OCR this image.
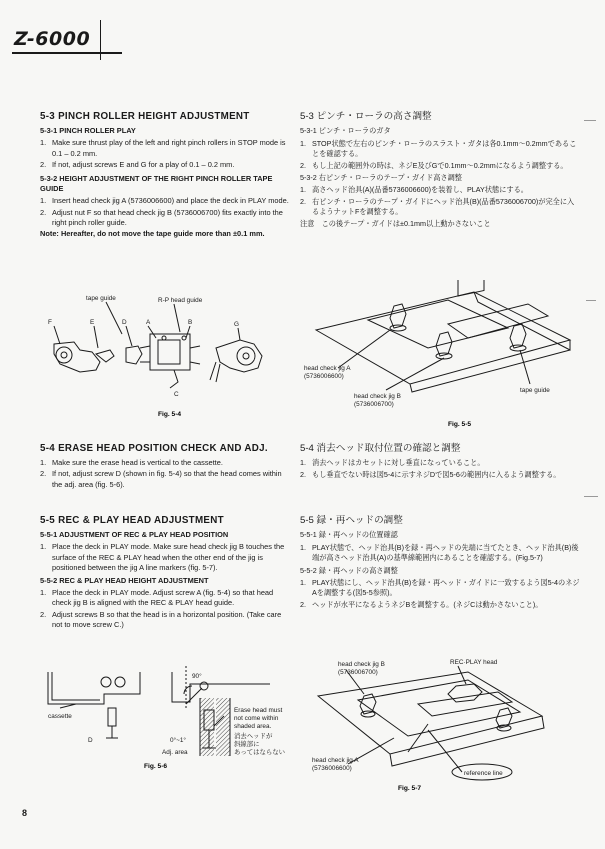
Z-6000
5-3 PINCH ROLLER HEIGHT ADJUSTMENT
5-3-1 PINCH ROLLER PLAY
1. Make sure thrust play of the left and right pinch rollers in STOP mode is 0.1 – 0.2 mm.
2. If not, adjust screws E and G for a play of 0.1 – 0.2 mm.
5-3-2 HEIGHT ADJUSTMENT OF THE RIGHT PINCH ROLLER TAPE GUIDE
1. Insert head check jig A (5736006600) and place the deck in PLAY mode.
2. Adjust nut F so that head check jig B (5736006700) fits exactly into the right pinch roller guide.
Note: Hereafter, do not move the tape guide more than ±0.1 mm.
5-3 ピンチ・ローラの高さ調整
5-3-1 ピンチ・ローラのガタ
1. STOP状態で左右のピンチ・ローラのスラスト・ガタは各0.1mm～0.2mmであることを確認する。
2. もし上記の範囲外の時は、ネジE及びGで0.1mm～0.2mmになるよう調整する。
5-3-2 右ピンチ・ローラのテープ・ガイド高さ調整
1. 高さヘッド治具(A)(品番5736006600)を装着し、PLAY状態にする。
2. 右ピンチ・ローラのテープ・ガイドにヘッド治具(B)(品番5736006700)が完全に入るようナットFを調整する。
注意　この後テープ・ガイドは±0.1mm以上動かさないこと
tape guide	R-P head guide
F	E	D	A	B	G
C
Fig. 5-4
head check jig A
(5736006600)
head check jig B
(5736006700)
tape guide
Fig. 5-5
5-4 ERASE HEAD POSITION CHECK AND ADJ.
1. Make sure the erase head is vertical to the cassette.
2. If not, adjust screw D (shown in fig. 5-4) so that the head comes within the adj. area (fig. 5-6).
5-4 消去ヘッド取付位置の確認と調整
1. 消去ヘッドはカセットに対し垂直になっていること。
2. もし垂直でない時は図5-4に示すネジDで図5-6の範囲内に入るよう調整する。
5-5 REC & PLAY HEAD ADJUSTMENT
5-5-1 ADJUSTMENT OF REC & PLAY HEAD POSITION
1. Place the deck in PLAY mode. Make sure head check jig B touches the surface of the REC & PLAY head when the other end of the jig is positioned between the jig A line markers (fig. 5-7).
5-5-2 REC & PLAY HEAD HEIGHT ADJUSTMENT
1. Place the deck in PLAY mode. Adjust screw A (fig. 5-4) so that head check jig B is aligned with the REC & PLAY head guide.
2. Adjust screws B so that the head is in a horizontal position. (Take care not to move screw C.)
5-5 録・再ヘッドの調整
5-5-1 録・再ヘッドの位置確認
1. PLAY状態で、ヘッド治具(B)を録・再ヘッドの先端に当てたとき、ヘッド治具(B)後端が高さヘッド治具(A)の基準線範囲内にあることを確認する。(Fig.5-7)
5-5-2 録・再ヘッドの高さ調整
1. PLAY状態にし、ヘッド治具(B)を録・再ヘッド・ガイドに一致するよう図5-4のネジAを調整する(図5-5参照)。
2. ヘッドが水平になるようネジBを調整する。(ネジCは動かさないこと)。
cassette
D
90°
0°~1°
Adj. area
Erase head must
not come within
shaded area.
消去ヘッドが
斜線部に
あってはならない
Fig. 5-6
head check jig B
(5736006700)
REC·PLAY head
head check jig A
(5736006600)
reference line
Fig. 5-7
8
